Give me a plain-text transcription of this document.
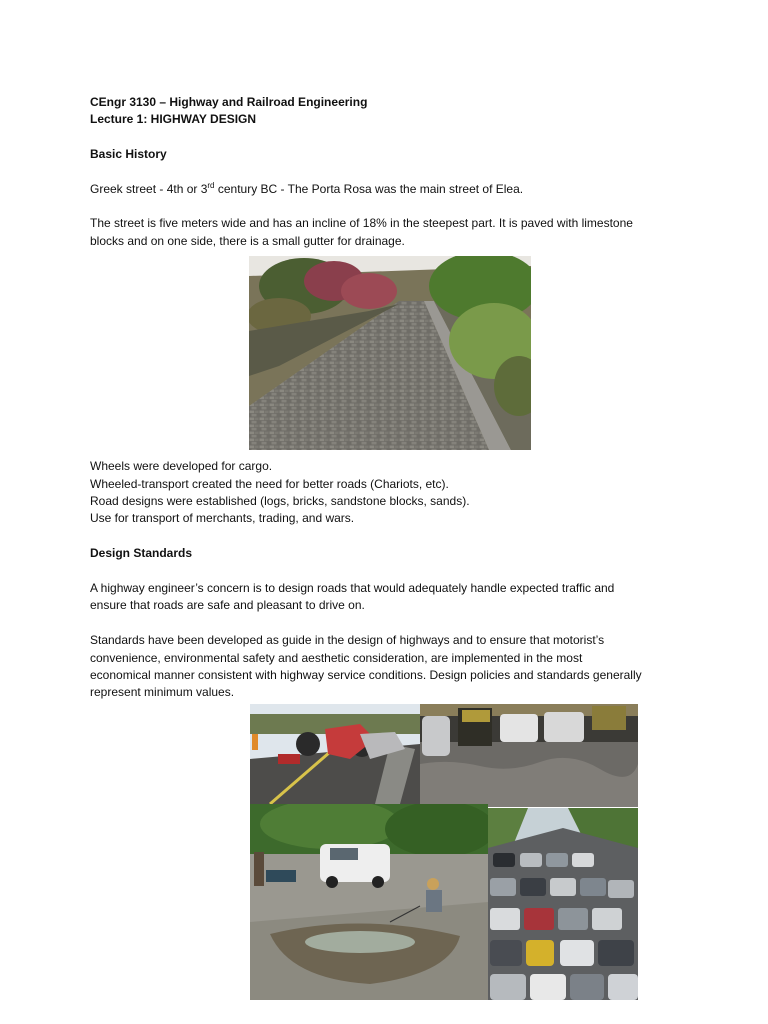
CEngr 3130 – Highway and Railroad Engineering

Lecture 1: HIGHWAY DESIGN

Basic History

Greek street - 4th or 3rd century BC - The Porta Rosa was the main street of Elea.

The street is five meters wide and has an incline of 18% in the steepest part. It is paved with limestone

blocks and on one side, there is a small gutter for drainage.

Wheels were developed for cargo.

Wheeled-transport created the need for better roads (Chariots, etc).

Road designs were established (logs, bricks, sandstone blocks, sands).

Use for transport of merchants, trading, and wars.

Design Standards

A highway engineer’s concern is to design roads that would adequately handle expected traffic and

ensure that roads are safe and pleasant to drive on.

Standards have been developed as guide in the design of highways and to ensure that motorist’s

convenience, environmental safety and aesthetic consideration, are implemented in the most

economical manner consistent with highway service conditions. Design policies and standards generally

represent minimum values.
